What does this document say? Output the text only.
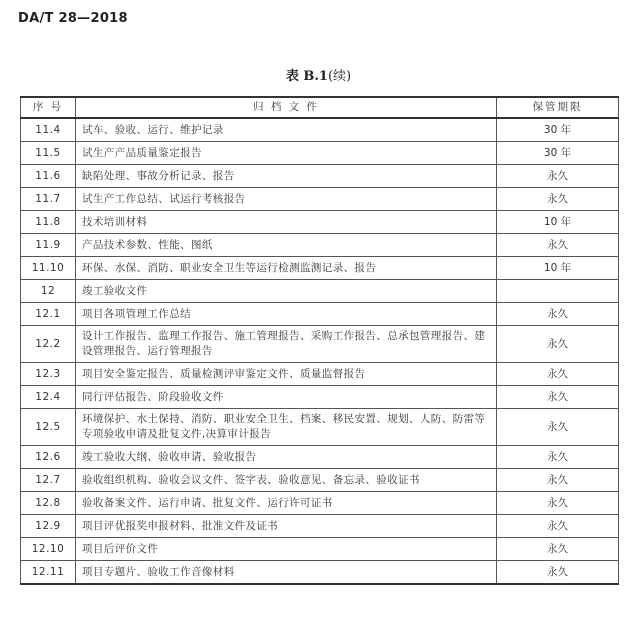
DA/T 28—2018
表 B.1(续)
序 号	归 档 文 件	保管期限
11.4	试车、验收、运行、维护记录	30 年
11.5	试生产产品质量鉴定报告	30 年
11.6	缺陷处理、事故分析记录、报告	永久
11.7	试生产工作总结、试运行考核报告	永久
11.8	技术培训材料	10 年
11.9	产品技术参数、性能、图纸	永久
11.10	环保、水保、消防、职业安全卫生等运行检测监测记录、报告	10 年
12	竣工验收文件	
12.1	项目各项管理工作总结	永久
12.2	设计工作报告、监理工作报告、施工管理报告、采购工作报告、总承包管理报告、建设管理报告、运行管理报告	永久
12.3	项目安全鉴定报告、质量检测评审鉴定文件、质量监督报告	永久
12.4	同行评估报告、阶段验收文件	永久
12.5	环境保护、水土保持、消防、职业安全卫生、档案、移民安置、规划、人防、防雷等专项验收申请及批复文件,决算审计报告	永久
12.6	竣工验收大纲、验收申请、验收报告	永久
12.7	验收组织机构、验收会议文件、签字表、验收意见、备忘录、验收证书	永久
12.8	验收备案文件、运行申请、批复文件、运行许可证书	永久
12.9	项目评优报奖申报材料、批准文件及证书	永久
12.10	项目后评价文件	永久
12.11	项目专题片、验收工作音像材料	永久
